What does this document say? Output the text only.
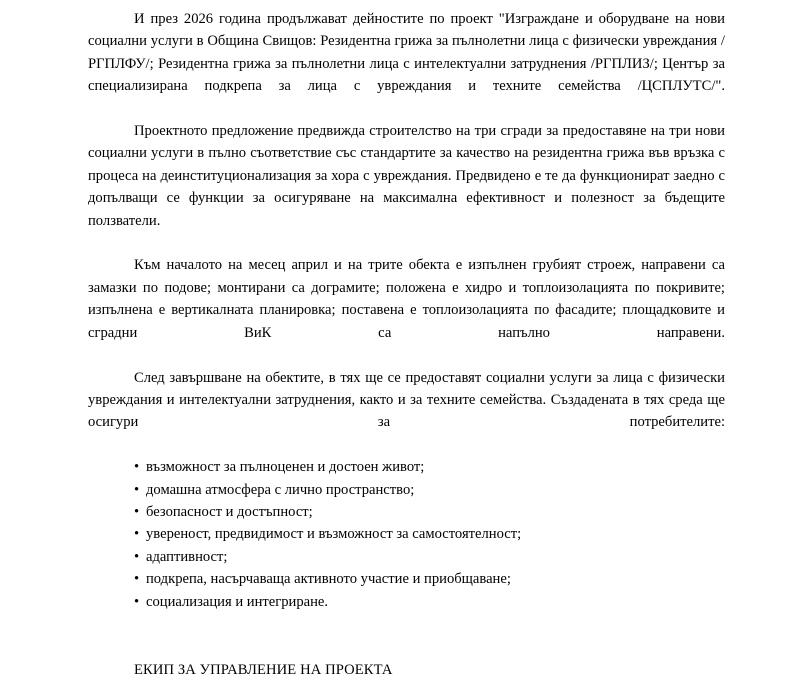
И през 2026 година продължават дейностите по проект "Изграждане и оборудване на нови социални услуги в Община Свищов: Резидентна грижа за пълнолетни лица с физически увреждания /РГПЛФУ/; Резидентна грижа за пълнолетни лица с интелектуални затруднения /РГПЛИЗ/; Център за специализирана подкрепа за лица с увреждания и техните семейства /ЦСПЛУТС/".

Проектното предложение предвижда строителство на три сгради за предоставяне на три нови социални услуги в пълно съответствие със стандартите за качество на резидентна грижа във връзка с процеса на деинституционализация за хора с увреждания. Предвидено е те да функционират заедно с допълващи се функции за осигуряване на максимална ефективност и полезност за бъдещите ползватели.

Към началото на месец април и на трите обекта е изпълнен грубият строеж, направени са замазки по подове; монтирани са дограмите; положена е хидро и топлоизолацията по покривите; изпълнена е вертикалната планировка; поставена е топлоизолацията по фасадите; площадковите и сградни ВиК са напълно направени.

След завършване на обектите, в тях ще се предоставят социални услуги за лица с физически увреждания и интелектуални затруднения, както и за техните семейства. Създадената в тях среда ще осигури за потребителите:

• възможност за пълноценен и достоен живот;
• домашна атмосфера с лично пространство;
• безопасност и достъпност;
• увереност, предвидимост и възможност за самостоятелност;
• адаптивност;
• подкрепа, насърчаваща активното участие и приобщаване;
• социализация и интегриране.
ЕКИП ЗА УПРАВЛЕНИЕ НА ПРОЕКТА
